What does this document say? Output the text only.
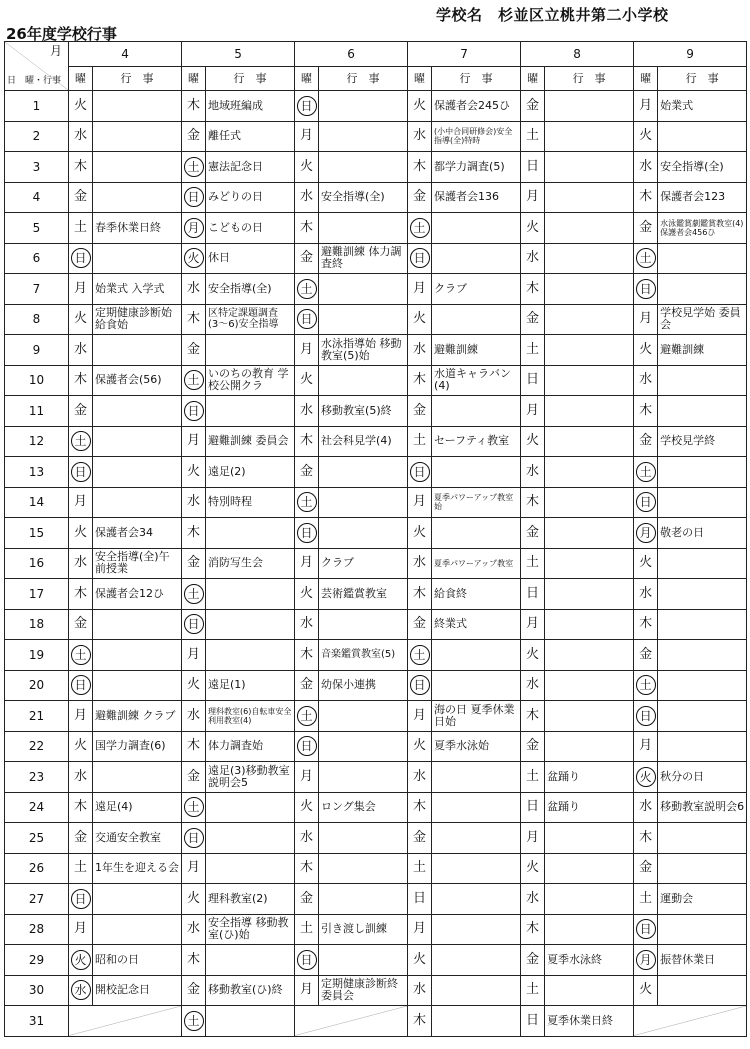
学校名　杉並区立桃井第二小学校
26年度学校行事
月
日　曜・行事	4		5		6		7		8		9	
	曜	行　事	曜	行　事	曜	行　事	曜	行　事	曜	行　事	曜	行　事
1	火		木	地域班編成	日		火	保護者会245ひ	金		月	始業式
2	水		金	離任式	月		水	(小中合同研修会)安全指導(全)特時	土		火	
3	木		土	憲法記念日	火		木	都学力調査(5)	日		水	安全指導(全)
4	金		日	みどりの日	水	安全指導(全)	金	保護者会136	月		木	保護者会123
5	土	春季休業日終	月	こどもの日	木		土		火		金	水泳鑑賞劇鑑賞教室(4)保護者会456ひ
6	日		火	休日	金	避難訓練 体力調査終	日		水		土	
7	月	始業式 入学式	水	安全指導(全)	土		月	クラブ	木		日	
8	火	定期健康診断始 給食始	木	区特定課題調査(3〜6)安全指導	日		火		金		月	学校見学始 委員会
9	水		金		月	水泳指導始 移動教室(5)始	水	避難訓練	土		火	避難訓練
10	木	保護者会(56)	土	いのちの教育 学校公開クラ	火		木	水道キャラバン(4)	日		水	
11	金		日		水	移動教室(5)終	金		月		木	
12	土		月	避難訓練 委員会	木	社会科見学(4)	土	セーフティ教室	火		金	学校見学終
13	日		火	遠足(2)	金		日		水		土	
14	月		水	特別時程	土		月	夏季パワーアップ教室始	木		日	
15	火	保護者会34	木		日		火		金		月	敬老の日
16	水	安全指導(全)午前授業	金	消防写生会	月	クラブ	水	夏季パワーアップ教室	土		火	
17	木	保護者会12ひ	土		火	芸術鑑賞教室	木	給食終	日		水	
18	金		日		水		金	終業式	月		木	
19	土		月		木	音楽鑑賞教室(5)	土		火		金	
20	日		火	遠足(1)	金	幼保小連携	日		水		土	
21	月	避難訓練 クラブ	水	理科教室(6)自転車安全利用教室(4)	土		月	海の日 夏季休業日始	木		日	
22	火	国学力調査(6)	木	体力調査始	日		火	夏季水泳始	金		月	
23	水		金	遠足(3)移動教室説明会5	月		水		土	盆踊り	火	秋分の日
24	木	遠足(4)	土		火	ロング集会	木		日	盆踊り	水	移動教室説明会6
25	金	交通安全教室	日		水		金		月		木	
26	土	1年生を迎える会	月		木		土		火		金	
27	日		火	理科教室(2)	金		日		水		土	運動会
28	月		水	安全指導 移動教室(ひ)始	土	引き渡し訓練	月		木		日	
29	火	昭和の日	木		日		火		金	夏季水泳終	月	振替休業日
30	水	開校記念日	金	移動教室(ひ)終	月	定期健康診断終 委員会	水		土		火	
31			土				木		日	夏季休業日終	
